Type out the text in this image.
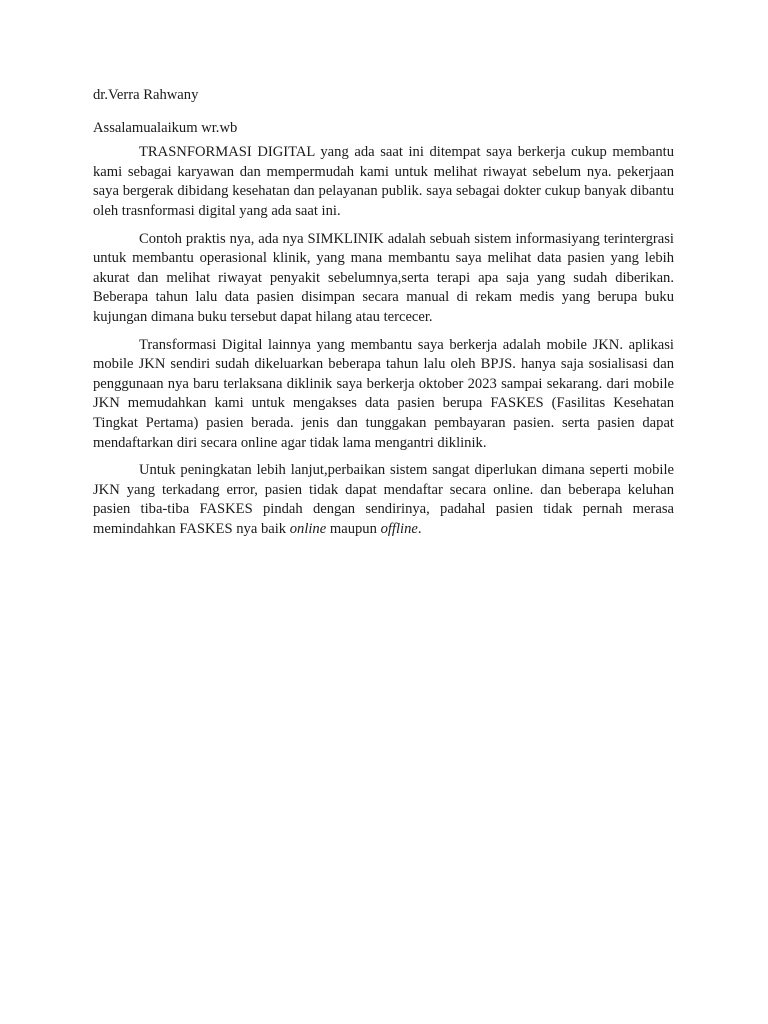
dr.Verra Rahwany

Assalamualaikum wr.wb

TRASNFORMASI DIGITAL yang ada saat ini ditempat saya berkerja cukup membantu kami sebagai karyawan dan mempermudah kami untuk melihat riwayat sebelum nya. pekerjaan saya bergerak dibidang kesehatan dan pelayanan publik. saya sebagai dokter cukup banyak dibantu oleh trasnformasi digital yang ada saat ini.

Contoh praktis nya, ada nya SIMKLINIK adalah sebuah sistem informasiyang terintergrasi untuk membantu operasional klinik, yang mana membantu saya melihat data pasien yang lebih akurat dan melihat riwayat penyakit sebelumnya,serta terapi apa saja yang sudah diberikan. Beberapa tahun lalu data pasien disimpan secara manual di rekam medis yang berupa buku kujungan dimana buku tersebut dapat hilang atau tercecer.

Transformasi Digital lainnya yang membantu saya berkerja adalah mobile JKN. aplikasi mobile JKN sendiri sudah dikeluarkan beberapa tahun lalu oleh BPJS. hanya saja sosialisasi dan penggunaan nya baru terlaksana diklinik saya berkerja oktober 2023 sampai sekarang. dari mobile JKN memudahkan kami untuk mengakses data pasien berupa FASKES (Fasilitas Kesehatan Tingkat Pertama) pasien berada. jenis dan tunggakan pembayaran pasien. serta pasien dapat mendaftarkan diri secara online agar tidak lama mengantri diklinik.

Untuk peningkatan lebih lanjut,perbaikan sistem sangat diperlukan dimana seperti mobile JKN yang terkadang error, pasien tidak dapat mendaftar secara online. dan beberapa keluhan pasien tiba-tiba FASKES pindah dengan sendirinya, padahal pasien tidak pernah merasa memindahkan FASKES nya baik online maupun offline.
